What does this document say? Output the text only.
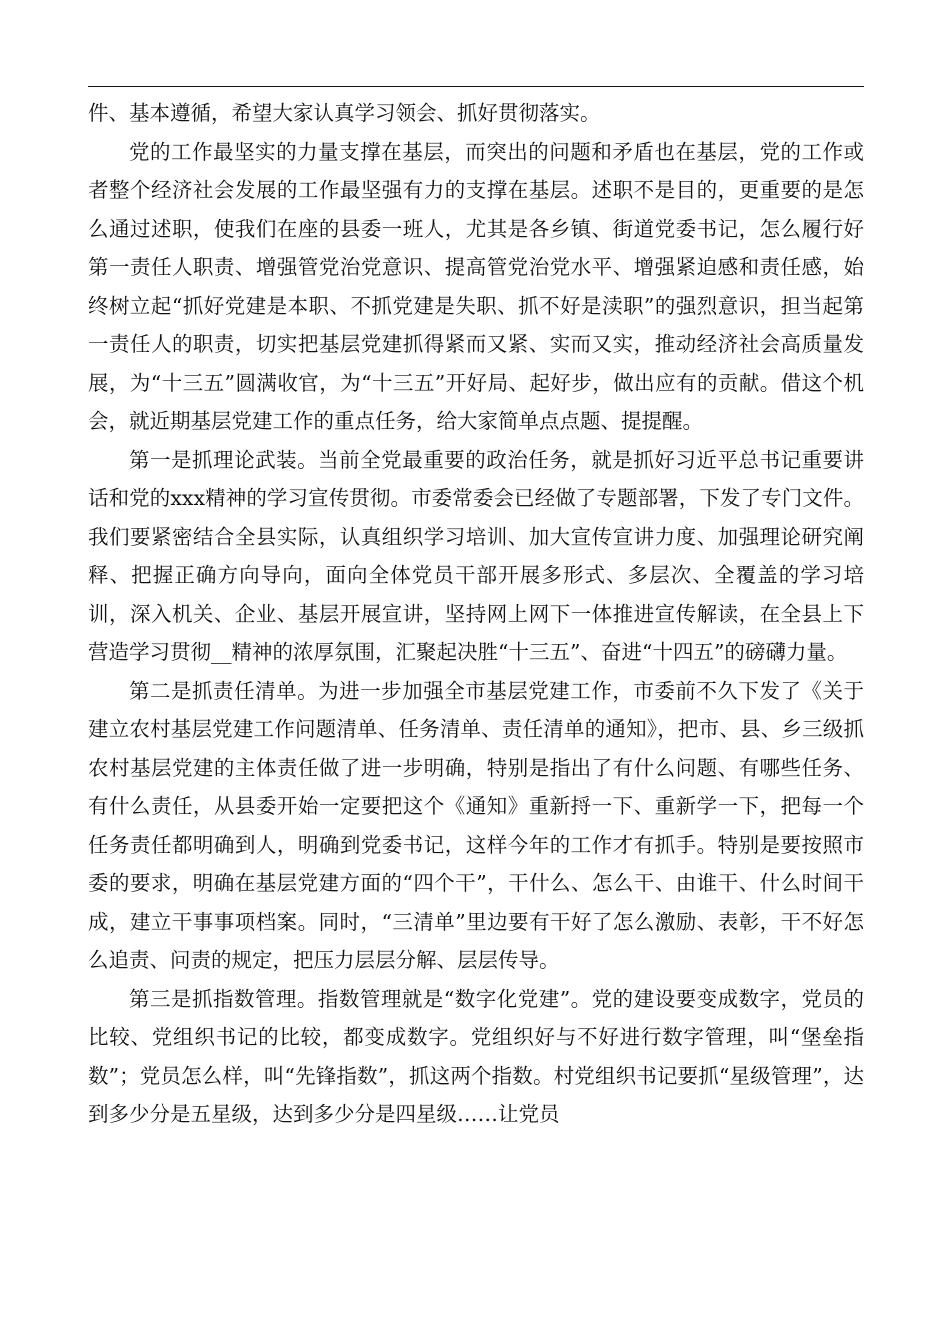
件、基本遵循，希望大家认真学习领会、抓好贯彻落实。

党的工作最坚实的力量支撑在基层，而突出的问题和矛盾也在基层，党的工作或者整个经济社会发展的工作最坚强有力的支撑在基层。述职不是目的，更重要的是怎么通过述职，使我们在座的县委一班人，尤其是各乡镇、街道党委书记，怎么履行好第一责任人职责、增强管党治党意识、提高管党治党水平、增强紧迫感和责任感，始终树立起“抓好党建是本职、不抓党建是失职、抓不好是渎职”的强烈意识，担当起第一责任人的职责，切实把基层党建抓得紧而又紧、实而又实，推动经济社会高质量发展，为“十三五”圆满收官，为“十三五”开好局、起好步，做出应有的贡献。借这个机会，就近期基层党建工作的重点任务，给大家简单点点题、提提醒。

第一是抓理论武装。当前全党最重要的政治任务，就是抓好习近平总书记重要讲话和党的xxx精神的学习宣传贯彻。市委常委会已经做了专题部署，下发了专门文件。我们要紧密结合全县实际，认真组织学习培训、加大宣传宣讲力度、加强理论研究阐释、把握正确方向导向，面向全体党员干部开展多形式、多层次、全覆盖的学习培训，深入机关、企业、基层开展宣讲，坚持网上网下一体推进宣传解读，在全县上下营造学习贯彻__精神的浓厚氛围，汇聚起决胜“十三五”、奋进“十四五”的磅礴力量。

第二是抓责任清单。为进一步加强全市基层党建工作，市委前不久下发了《关于建立农村基层党建工作问题清单、任务清单、责任清单的通知》，把市、县、乡三级抓农村基层党建的主体责任做了进一步明确，特别是指出了有什么问题、有哪些任务、有什么责任，从县委开始一定要把这个《通知》重新捋一下、重新学一下，把每一个任务责任都明确到人，明确到党委书记，这样今年的工作才有抓手。特别是要按照市委的要求，明确在基层党建方面的“四个干”，干什么、怎么干、由谁干、什么时间干成，建立干事事项档案。同时，“三清单”里边要有干好了怎么激励、表彰，干不好怎么追责、问责的规定，把压力层层分解、层层传导。

第三是抓指数管理。指数管理就是“数字化党建”。党的建设要变成数字，党员的比较、党组织书记的比较，都变成数字。党组织好与不好进行数字管理，叫“堡垒指数”；党员怎么样，叫“先锋指数”，抓这两个指数。村党组织书记要抓“星级管理”，达到多少分是五星级，达到多少分是四星级……让党员
